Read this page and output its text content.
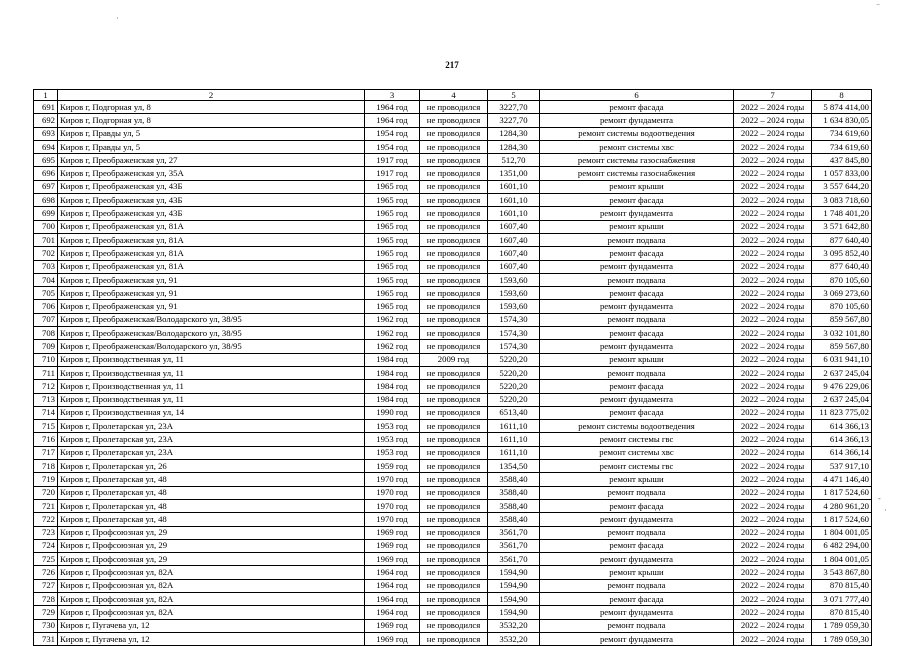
217
1	2	3	4	5	6	7	8
691	Киров г, Подгорная ул, 8	1964 год	не проводился	3227,70	ремонт фасада	2022 – 2024 годы	5 874 414,00
692	Киров г, Подгорная ул, 8	1964 год	не проводился	3227,70	ремонт фундамента	2022 – 2024 годы	1 634 830,05
693	Киров г, Правды ул, 5	1954 год	не проводился	1284,30	ремонт системы водоотведения	2022 – 2024 годы	734 619,60
694	Киров г, Правды ул, 5	1954 год	не проводился	1284,30	ремонт системы хвс	2022 – 2024 годы	734 619,60
695	Киров г, Преображенская ул, 27	1917 год	не проводился	512,70	ремонт системы газоснабжения	2022 – 2024 годы	437 845,80
696	Киров г, Преображенская ул, 35А	1917 год	не проводился	1351,00	ремонт системы газоснабжения	2022 – 2024 годы	1 057 833,00
697	Киров г, Преображенская ул, 43Б	1965 год	не проводился	1601,10	ремонт крыши	2022 – 2024 годы	3 557 644,20
698	Киров г, Преображенская ул, 43Б	1965 год	не проводился	1601,10	ремонт фасада	2022 – 2024 годы	3 083 718,60
699	Киров г, Преображенская ул, 43Б	1965 год	не проводился	1601,10	ремонт фундамента	2022 – 2024 годы	1 748 401,20
700	Киров г, Преображенская ул, 81А	1965 год	не проводился	1607,40	ремонт крыши	2022 – 2024 годы	3 571 642,80
701	Киров г, Преображенская ул, 81А	1965 год	не проводился	1607,40	ремонт подвала	2022 – 2024 годы	877 640,40
702	Киров г, Преображенская ул, 81А	1965 год	не проводился	1607,40	ремонт фасада	2022 – 2024 годы	3 095 852,40
703	Киров г, Преображенская ул, 81А	1965 год	не проводился	1607,40	ремонт фундамента	2022 – 2024 годы	877 640,40
704	Киров г, Преображенская ул, 91	1965 год	не проводился	1593,60	ремонт подвала	2022 – 2024 годы	870 105,60
705	Киров г, Преображенская ул, 91	1965 год	не проводился	1593,60	ремонт фасада	2022 – 2024 годы	3 069 273,60
706	Киров г, Преображенская ул, 91	1965 год	не проводился	1593,60	ремонт фундамента	2022 – 2024 годы	870 105,60
707	Киров г, Преображенская/Володарского ул, 38/95	1962 год	не проводился	1574,30	ремонт подвала	2022 – 2024 годы	859 567,80
708	Киров г, Преображенская/Володарского ул, 38/95	1962 год	не проводился	1574,30	ремонт фасада	2022 – 2024 годы	3 032 101,80
709	Киров г, Преображенская/Володарского ул, 38/95	1962 год	не проводился	1574,30	ремонт фундамента	2022 – 2024 годы	859 567,80
710	Киров г, Производственная ул, 11	1984 год	2009 год	5220,20	ремонт крыши	2022 – 2024 годы	6 031 941,10
711	Киров г, Производственная ул, 11	1984 год	не проводился	5220,20	ремонт подвала	2022 – 2024 годы	2 637 245,04
712	Киров г, Производственная ул, 11	1984 год	не проводился	5220,20	ремонт фасада	2022 – 2024 годы	9 476 229,06
713	Киров г, Производственная ул, 11	1984 год	не проводился	5220,20	ремонт фундамента	2022 – 2024 годы	2 637 245,04
714	Киров г, Производственная ул, 14	1990 год	не проводился	6513,40	ремонт фасада	2022 – 2024 годы	11 823 775,02
715	Киров г, Пролетарская ул, 23А	1953 год	не проводился	1611,10	ремонт системы водоотведения	2022 – 2024 годы	614 366,13
716	Киров г, Пролетарская ул, 23А	1953 год	не проводился	1611,10	ремонт системы гвс	2022 – 2024 годы	614 366,13
717	Киров г, Пролетарская ул, 23А	1953 год	не проводился	1611,10	ремонт системы хвс	2022 – 2024 годы	614 366,14
718	Киров г, Пролетарская ул, 26	1959 год	не проводился	1354,50	ремонт системы гвс	2022 – 2024 годы	537 917,10
719	Киров г, Пролетарская ул, 48	1970 год	не проводился	3588,40	ремонт крыши	2022 – 2024 годы	4 471 146,40
720	Киров г, Пролетарская ул, 48	1970 год	не проводился	3588,40	ремонт подвала	2022 – 2024 годы	1 817 524,60
721	Киров г, Пролетарская ул, 48	1970 год	не проводился	3588,40	ремонт фасада	2022 – 2024 годы	4 280 961,20
722	Киров г, Пролетарская ул, 48	1970 год	не проводился	3588,40	ремонт фундамента	2022 – 2024 годы	1 817 524,60
723	Киров г, Профсоюзная ул, 29	1969 год	не проводился	3561,70	ремонт подвала	2022 – 2024 годы	1 804 001,05
724	Киров г, Профсоюзная ул, 29	1969 год	не проводился	3561,70	ремонт фасада	2022 – 2024 годы	6 482 294,00
725	Киров г, Профсоюзная ул, 29	1969 год	не проводился	3561,70	ремонт фундамента	2022 – 2024 годы	1 804 001,05
726	Киров г, Профсоюзная ул, 82А	1964 год	не проводился	1594,90	ремонт крыши	2022 – 2024 годы	3 543 867,80
727	Киров г, Профсоюзная ул, 82А	1964 год	не проводился	1594,90	ремонт подвала	2022 – 2024 годы	870 815,40
728	Киров г, Профсоюзная ул, 82А	1964 год	не проводился	1594,90	ремонт фасада	2022 – 2024 годы	3 071 777,40
729	Киров г, Профсоюзная ул, 82А	1964 год	не проводился	1594,90	ремонт фундамента	2022 – 2024 годы	870 815,40
730	Киров г, Пугачева ул, 12	1969 год	не проводился	3532,20	ремонт подвала	2022 – 2024 годы	1 789 059,30
731	Киров г, Пугачева ул, 12	1969 год	не проводился	3532,20	ремонт фундамента	2022 – 2024 годы	1 789 059,30
·
⁻
-
·
